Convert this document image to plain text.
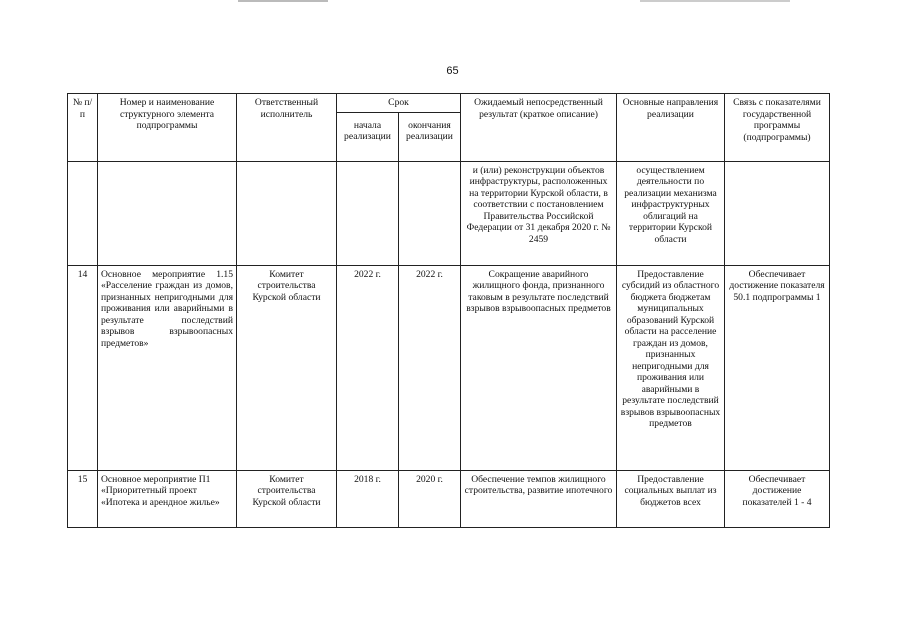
65
№ п/п	Номер и наименование структурного элемента подпрограммы	Ответственный исполнитель	Срок		Ожидаемый непосредственный результат (краткое описание)	Основные направления реализации	Связь с показателями государственной программы (подпрограммы)
			начала реализации	окончания реализации			
					и (или) реконструкции объектов инфраструктуры, расположенных на территории Курской области, в соответствии с постановлением Правительства Российской Федерации от 31 декабря 2020 г. № 2459	осуществлением деятельности по реализации механизма инфраструктурных облигаций на территории Курской области	
14	Основное мероприятие 1.15 «Расселение граждан из домов, признанных непригодными для проживания или аварийными в результате последствий взрывов взрывоопасных предметов»	Комитет строительства Курской области	2022 г.	2022 г.	Сокращение аварийного жилищного фонда, признанного таковым в результате последствий взрывов взрывоопасных предметов	Предоставление субсидий из областного бюджета бюджетам муниципальных образований Курской области на расселение граждан из домов, признанных непригодными для проживания или аварийными в результате последствий взрывов взрывоопасных предметов	Обеспечивает достижение показателя 50.1 подпрограммы 1
15	Основное мероприятие П1 «Приоритетный проект «Ипотека и арендное жилье»	Комитет строительства Курской области	2018 г.	2020 г.	Обеспечение темпов жилищного строительства, развитие ипотечного	Предоставление социальных выплат из бюджетов всех	Обеспечивает достижение показателей 1 - 4
